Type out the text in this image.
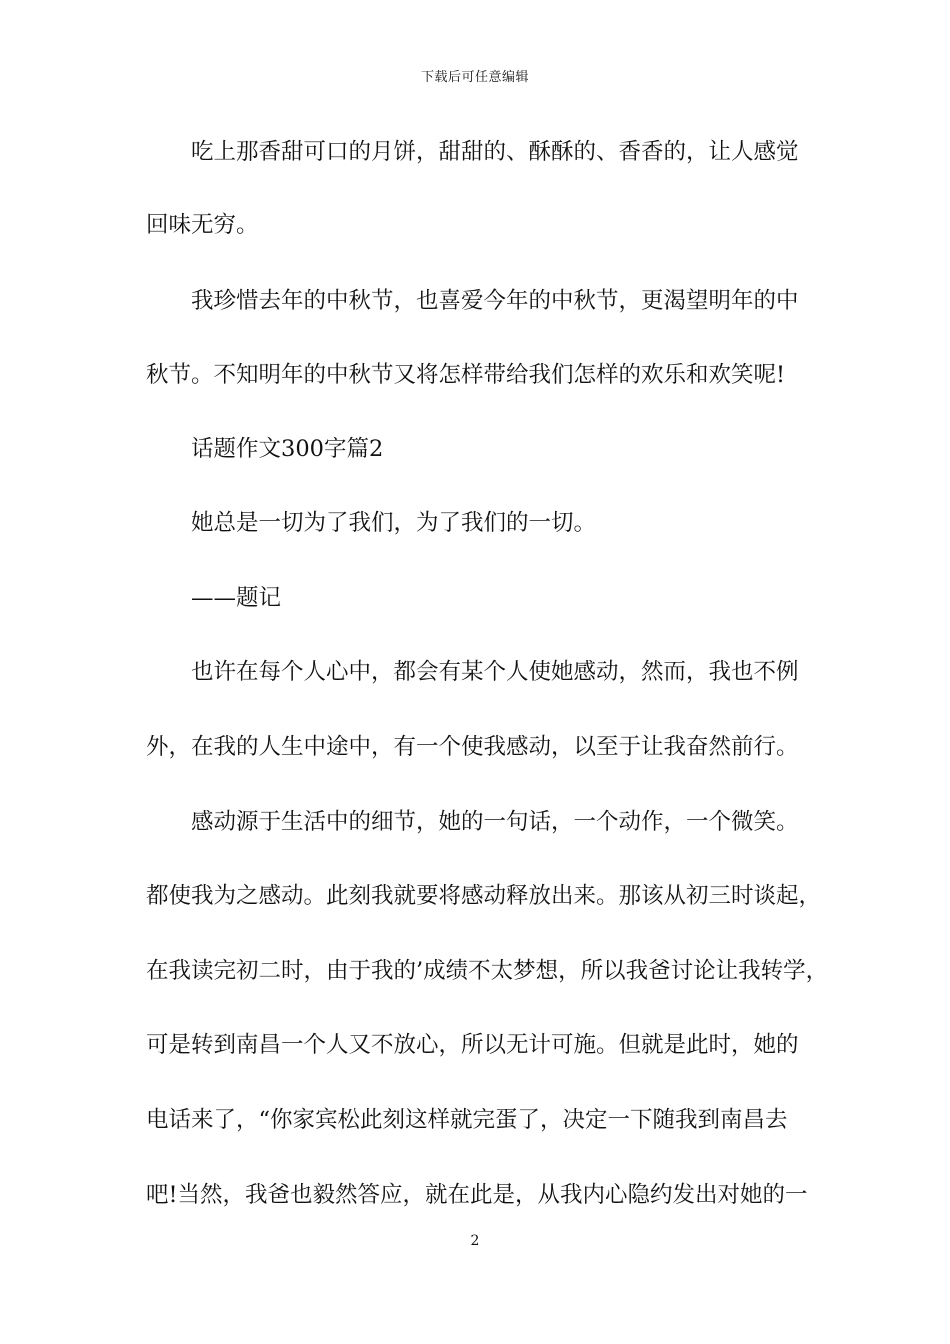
下载后可任意编辑
吃上那香甜可口的月饼，甜甜的、酥酥的、香香的，让人感觉
回味无穷。
我珍惜去年的中秋节，也喜爱今年的中秋节，更渴望明年的中
秋节。不知明年的中秋节又将怎样带给我们怎样的欢乐和欢笑呢!
话题作文300字篇2
她总是一切为了我们，为了我们的一切。
——题记
也许在每个人心中，都会有某个人使她感动，然而，我也不例
外，在我的人生中途中，有一个使我感动，以至于让我奋然前行。
感动源于生活中的细节，她的一句话，一个动作，一个微笑。
都使我为之感动。此刻我就要将感动释放出来。那该从初三时谈起，
在我读完初二时，由于我的’成绩不太梦想，所以我爸讨论让我转学，
可是转到南昌一个人又不放心，所以无计可施。但就是此时，她的
电话来了，“你家宾松此刻这样就完蛋了，决定一下随我到南昌去
吧!当然，我爸也毅然答应，就在此是，从我内心隐约发出对她的一
2
